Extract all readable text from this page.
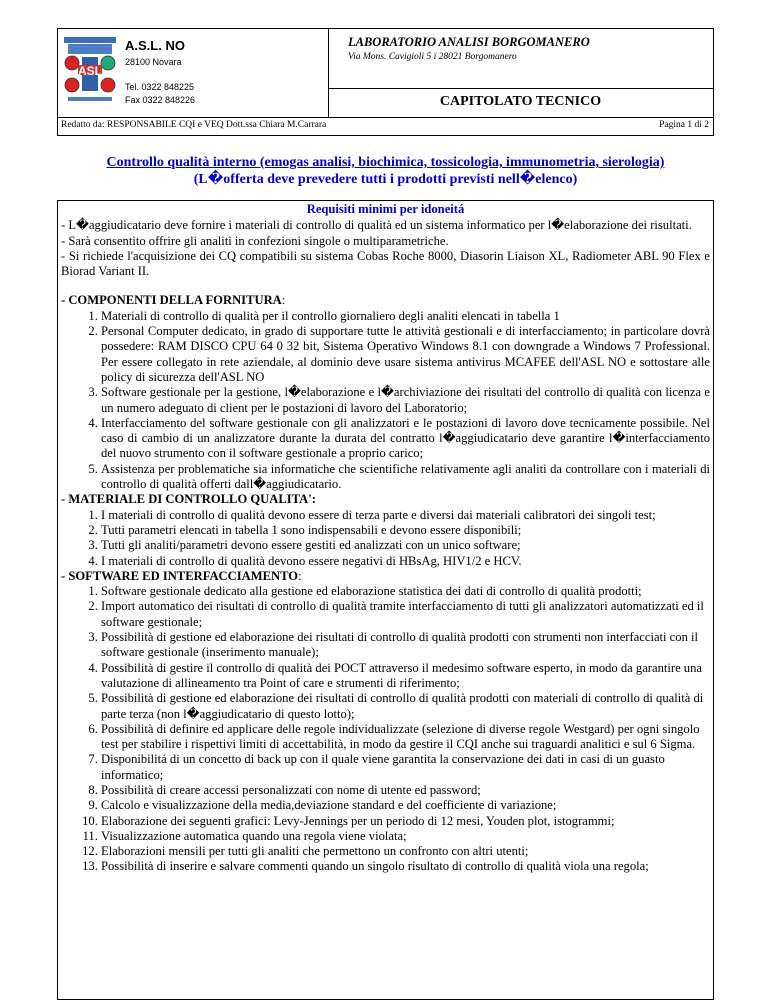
ASL
A.S.L. NO
28100 Novara
Tel. 0322 848225
Fax 0322 848226
LABORATORIO ANALISI BORGOMANERO
Via Mons. Cavigioli 5 ï 28021 Borgomanero
CAPITOLATO TECNICO
Redatto da: RESPONSABILE CQI e VEQ Dott.ssa Chiara M.Carrara	Pagina 1 di 2
Controllo qualità interno (emogas analisi, biochimica, tossicologia, immunometria, sierologia)
(L�offerta deve prevedere tutti i prodotti previsti nell�elenco)
Requisiti minimi per idoneitá

- L�aggiudicatario deve fornire i materiali di controllo di qualità ed un sistema informatico per l�elaborazione dei risultati.

- Sarà consentito offrire gli analiti in confezioni singole o multiparametriche.

- Si richiede l'acquisizione dei CQ compatibili su sistema Cobas Roche 8000, Diasorin Liaison XL, Radiometer ABL 90 Flex e Biorad Variant II.

- COMPONENTI DELLA FORNITURA:
1. Materiali di controllo di qualità per il controllo giornaliero degli analiti elencati in tabella 1
2. Personal Computer dedicato, in grado di supportare tutte le attività gestionali e di interfacciamento; in particolare dovrà possedere: RAM DISCO CPU 64 0 32 bit, Sistema Operativo Windows 8.1 con downgrade a Windows 7 Professional. Per essere collegato in rete aziendale, al dominio deve usare sistema antivirus MCAFEE dell'ASL NO e sottostare alle policy di sicurezza dell'ASL NO
3. Software gestionale per la gestione, l�elaborazione e l�archiviazione dei risultati del controllo di qualità con licenza e un numero adeguato di client per le postazioni di lavoro del Laboratorio;
4. Interfacciamento del software gestionale con gli analizzatori e le postazioni di lavoro dove tecnicamente possibile. Nel caso di cambio di un analizzatore durante la durata del contratto l�aggiudicatario deve garantire l�interfacciamento del nuovo strumento con il software gestionale a proprio carico;
5. Assistenza per problematiche sia informatiche che scientifiche relativamente agli analiti da controllare con i materiali di controllo di qualità offerti dall�aggiudicatario.
- MATERIALE DI CONTROLLO QUALITA':
1. I materiali di controllo di qualità devono essere di terza parte e diversi dai materiali calibratori dei singoli test;
2. Tutti parametri elencati in tabella 1 sono indispensabili e devono essere disponibili;
3. Tutti gli analiti/parametri devono essere gestiti ed analizzati con un unico software;
4. I materiali di controllo di qualità devono essere negativi di HBsAg, HIV1/2 e HCV.
- SOFTWARE ED INTERFACCIAMENTO:
1. Software gestionale dedicato alla gestione ed elaborazione statistica dei dati di controllo di qualità prodotti;
2. Import automatico dei risultati di controllo di qualità tramite interfacciamento di tutti gli analizzatori automatizzati ed il software gestionale;
3. Possibilità di gestione ed elaborazione dei risultati di controllo di qualità prodotti con strumenti non interfacciati con il software gestionale (inserimento manuale);
4. Possibilità di gestire il controllo di qualità dei POCT attraverso il medesimo software esperto, in modo da garantire una valutazione di allineamento tra Point of care e strumenti di riferimento;
5. Possibilità di gestione ed elaborazione dei risultati di controllo di qualità prodotti con materiali di controllo di qualità di parte terza (non l�aggiudicatario di questo lotto);
6. Possibilità di definire ed applicare delle regole individualizzate (selezione di diverse regole Westgard) per ogni singolo test per stabilire i rispettivi limiti di accettabilità, in modo da gestire il CQI anche sui traguardi analitici e sul 6 Sigma.
7. Disponibilitá di un concetto di back up con il quale viene garantita la conservazione dei dati in casi di un guasto informatico;
8. Possibilità di creare accessi personalizzati con nome di utente ed password;
9. Calcolo e visualizzazione della media,deviazione standard e del coefficiente di variazione;
10. Elaborazione dei seguenti grafici: Levy-Jennings per un periodo di 12 mesi, Youden plot, istogrammi;
11. Visualizzazione automatica quando una regola viene violata;
12. Elaborazioni mensili per tutti gli analiti che permettono un confronto con altri utenti;
13. Possibilità di inserire e salvare commenti quando un singolo risultato di controllo di qualità viola una regola;
